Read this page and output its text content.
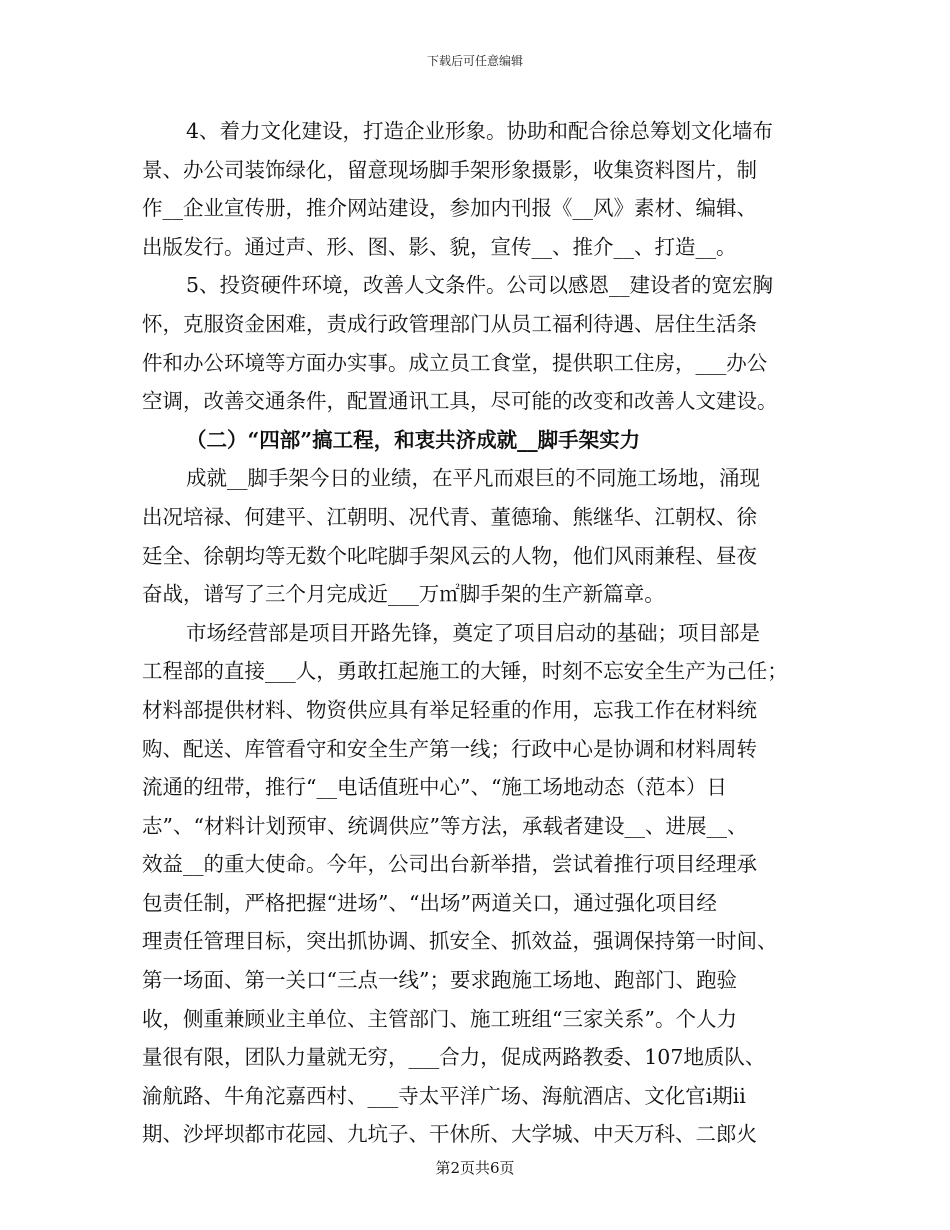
下载后可任意编辑
4、着力文化建设，打造企业形象。协助和配合徐总筹划文化墙布
景、办公司装饰绿化，留意现场脚手架形象摄影，收集资料图片，制
作__企业宣传册，推介网站建设，参加内刊报《__风》素材、编辑、
出版发行。通过声、形、图、影、貌，宣传__、推介__、打造__。
5、投资硬件环境，改善人文条件。公司以感恩__建设者的宽宏胸
怀，克服资金困难，责成行政管理部门从员工福利待遇、居住生活条
件和办公环境等方面办实事。成立员工食堂，提供职工住房，___办公
空调，改善交通条件，配置通讯工具，尽可能的改变和改善人文建设。
（二）“四部”搞工程，和衷共济成就__脚手架实力
成就__脚手架今日的业绩，在平凡而艰巨的不同施工场地，涌现
出况培禄、何建平、江朝明、况代青、董德瑜、熊继华、江朝权、徐
廷全、徐朝均等无数个叱咤脚手架风云的人物，他们风雨兼程、昼夜
奋战，谱写了三个月完成近___万㎡脚手架的生产新篇章。
市场经营部是项目开路先锋，奠定了项目启动的基础；项目部是
工程部的直接___人，勇敢扛起施工的大锤，时刻不忘安全生产为己任；
材料部提供材料、物资供应具有举足轻重的作用，忘我工作在材料统
购、配送、库管看守和安全生产第一线；行政中心是协调和材料周转
流通的纽带，推行“__电话值班中心”、“施工场地动态（范本）日
志”、“材料计划预审、统调供应”等方法，承载者建设__、进展__、
效益__的重大使命。今年，公司出台新举措，尝试着推行项目经理承
包责任制，严格把握“进场”、“出场”两道关口，通过强化项目经
理责任管理目标，突出抓协调、抓安全、抓效益，强调保持第一时间、
第一场面、第一关口“三点一线”；要求跑施工场地、跑部门、跑验
收，侧重兼顾业主单位、主管部门、施工班组“三家关系”。个人力
量很有限，团队力量就无穷，___合力，促成两路教委、107地质队、
渝航路、牛角沱嘉西村、___寺太平洋广场、海航酒店、文化官ⅰ期ⅱ
期、沙坪坝都市花园、九坑子、干休所、大学城、中天万科、二郎火
第2页共6页
